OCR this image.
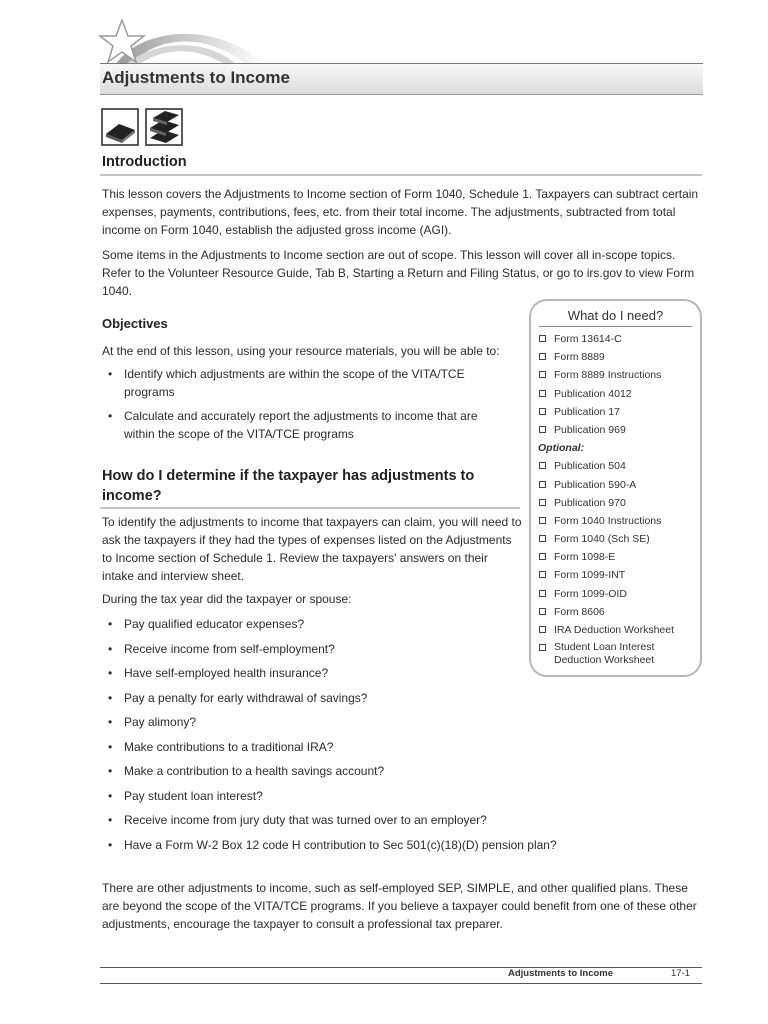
Adjustments to Income
Introduction
This lesson covers the Adjustments to Income section of Form 1040, Schedule 1. Taxpayers can subtract certain expenses, payments, contributions, fees, etc. from their total income. The adjustments, subtracted from total income on Form 1040, establish the adjusted gross income (AGI).
Some items in the Adjustments to Income section are out of scope. This lesson will cover all in-scope topics. Refer to the Volunteer Resource Guide, Tab B, Starting a Return and Filing Status, or go to irs.gov to view Form 1040.
Objectives
At the end of this lesson, using your resource materials, you will be able to:
• Identify which adjustments are within the scope of the VITA/TCE programs
• Calculate and accurately report the adjustments to income that are within the scope of the VITA/TCE programs
How do I determine if the taxpayer has adjustments to income?
To identify the adjustments to income that taxpayers can claim, you will need to ask the taxpayers if they had the types of expenses listed on the Adjustments to Income section of Schedule 1. Review the taxpayers' answers on their intake and interview sheet.
During the tax year did the taxpayer or spouse:
• Pay qualified educator expenses?
• Receive income from self-employment?
• Have self-employed health insurance?
• Pay a penalty for early withdrawal of savings?
• Pay alimony?
• Make contributions to a traditional IRA?
• Make a contribution to a health savings account?
• Pay student loan interest?
• Receive income from jury duty that was turned over to an employer?
• Have a Form W-2 Box 12 code H contribution to Sec 501(c)(18)(D) pension plan?
There are other adjustments to income, such as self-employed SEP, SIMPLE, and other qualified plans. These are beyond the scope of the VITA/TCE programs. If you believe a taxpayer could benefit from one of these other adjustments, encourage the taxpayer to consult a professional tax preparer.
What do I need?
Form 13614-C
Form 8889
Form 8889 Instructions
Publication 4012
Publication 17
Publication 969
Optional:
Publication 504
Publication 590-A
Publication 970
Form 1040 Instructions
Form 1040 (Sch SE)
Form 1098-E
Form 1099-INT
Form 1099-OID
Form 8606
IRA Deduction Worksheet
Student Loan Interest Deduction Worksheet
Adjustments to Income	17-1
